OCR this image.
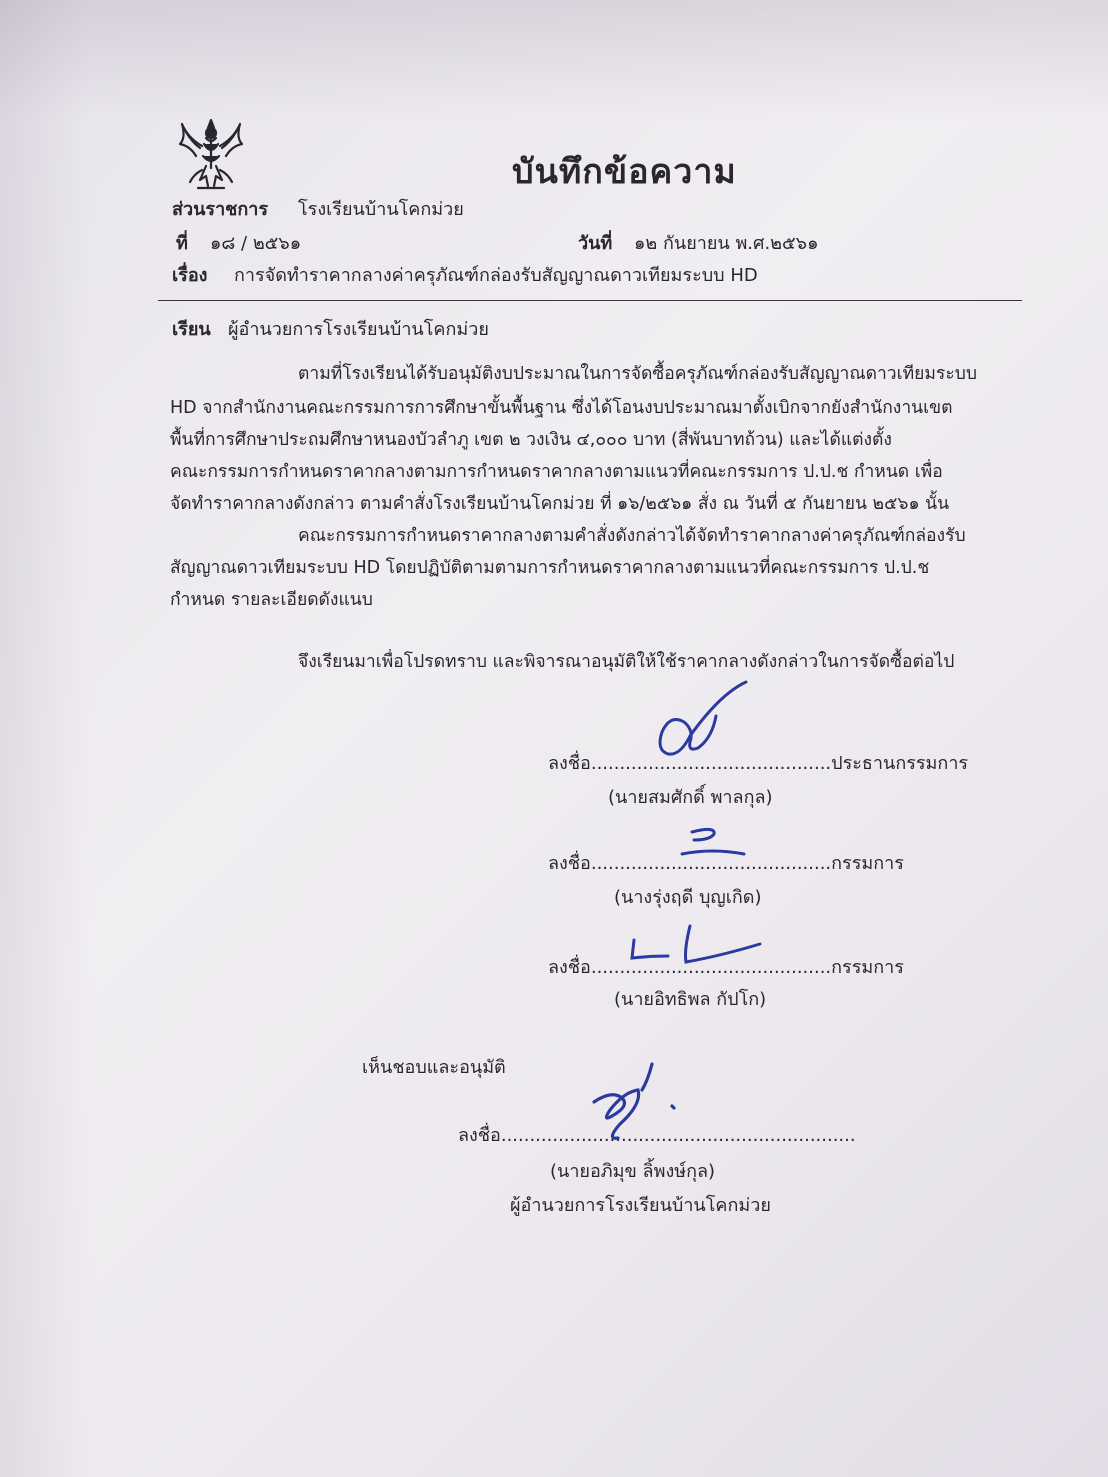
บันทึกข้อความ
ส่วนราชการ โรงเรียนบ้านโคกม่วย
ที่ ๑๘ / ๒๕๖๑	วันที่ ๑๒ กันยายน พ.ศ.๒๕๖๑
เรื่อง การจัดทำราคากลางค่าครุภัณฑ์กล่องรับสัญญาณดาวเทียมระบบ HD
เรียน ผู้อำนวยการโรงเรียนบ้านโคกม่วย
ตามที่โรงเรียนได้รับอนุมัติงบประมาณในการจัดซื้อครุภัณฑ์กล่องรับสัญญาณดาวเทียมระบบ
HD จากสำนักงานคณะกรรมการการศึกษาขั้นพื้นฐาน ซึ่งได้โอนงบประมาณมาตั้งเบิกจากยังสำนักงานเขต
พื้นที่การศึกษาประถมศึกษาหนองบัวลำภู เขต ๒ วงเงิน ๔,๐๐๐ บาท (สี่พันบาทถ้วน) และได้แต่งตั้ง
คณะกรรมการกำหนดราคากลางตามการกำหนดราคากลางตามแนวที่คณะกรรมการ ป.ป.ช กำหนด เพื่อ
จัดทำราคากลางดังกล่าว ตามคำสั่งโรงเรียนบ้านโคกม่วย ที่ ๑๖/๒๕๖๑ สั่ง ณ วันที่ ๕ กันยายน ๒๕๖๑ นั้น
คณะกรรมการกำหนดราคากลางตามคำสั่งดังกล่าวได้จัดทำราคากลางค่าครุภัณฑ์กล่องรับ
สัญญาณดาวเทียมระบบ HD โดยปฏิบัติตามตามการกำหนดราคากลางตามแนวที่คณะกรรมการ ป.ป.ช
กำหนด รายละเอียดดังแนบ
จึงเรียนมาเพื่อโปรดทราบ และพิจารณาอนุมัติให้ใช้ราคากลางดังกล่าวในการจัดซื้อต่อไป
ลงชื่อ..........................................ประธานกรรมการ
(นายสมศักดิ์ พาลกุล)
ลงชื่อ..........................................กรรมการ
(นางรุ่งฤดี บุญเกิด)
ลงชื่อ..........................................กรรมการ
(นายอิทธิพล กัปโก)
เห็นชอบและอนุมัติ
ลงชื่อ..............................................................
(นายอภิมุข ลิ้พงษ์กุล)
ผู้อำนวยการโรงเรียนบ้านโคกม่วย
